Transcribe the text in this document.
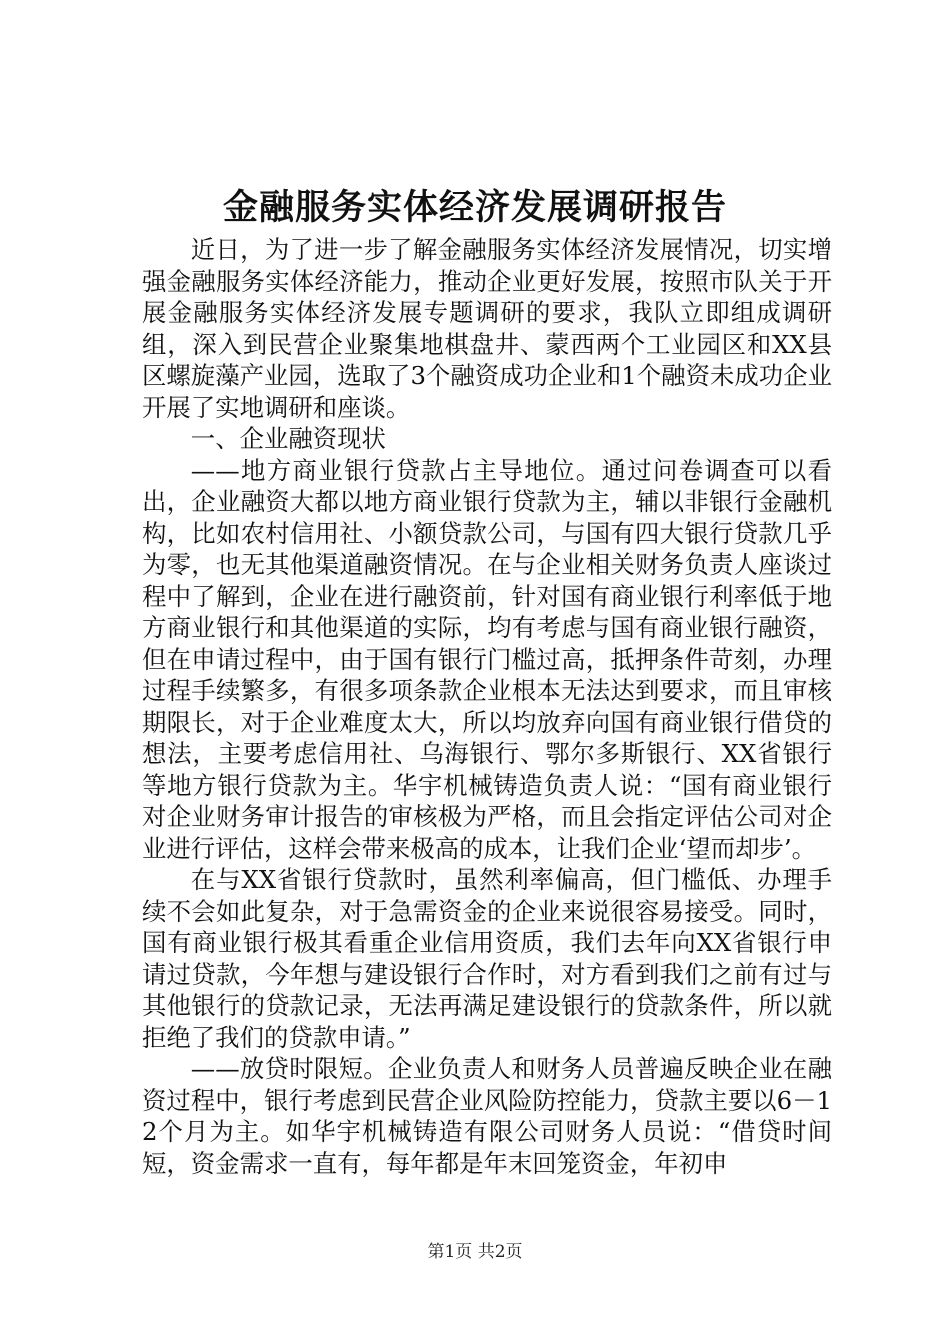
金融服务实体经济发展调研报告

近日，为了进一步了解金融服务实体经济发展情况，切实增强金融服务实体经济能力，推动企业更好发展，按照市队关于开展金融服务实体经济发展专题调研的要求，我队立即组成调研组，深入到民营企业聚集地棋盘井、蒙西两个工业园区和XX县区螺旋藻产业园，选取了3个融资成功企业和1个融资未成功企业开展了实地调研和座谈。

一、企业融资现状

——地方商业银行贷款占主导地位。通过问卷调查可以看出，企业融资大都以地方商业银行贷款为主，辅以非银行金融机构，比如农村信用社、小额贷款公司，与国有四大银行贷款几乎为零，也无其他渠道融资情况。在与企业相关财务负责人座谈过程中了解到，企业在进行融资前，针对国有商业银行利率低于地方商业银行和其他渠道的实际，均有考虑与国有商业银行融资，但在申请过程中，由于国有银行门槛过高，抵押条件苛刻，办理过程手续繁多，有很多项条款企业根本无法达到要求，而且审核期限长，对于企业难度太大，所以均放弃向国有商业银行借贷的想法，主要考虑信用社、乌海银行、鄂尔多斯银行、XX省银行等地方银行贷款为主。华宇机械铸造负责人说：“国有商业银行对企业财务审计报告的审核极为严格，而且会指定评估公司对企业进行评估，这样会带来极高的成本，让我们企业‘望而却步’。

在与XX省银行贷款时，虽然利率偏高，但门槛低、办理手续不会如此复杂，对于急需资金的企业来说很容易接受。同时，国有商业银行极其看重企业信用资质，我们去年向XX省银行申请过贷款，今年想与建设银行合作时，对方看到我们之前有过与其他银行的贷款记录，无法再满足建设银行的贷款条件，所以就拒绝了我们的贷款申请。”

——放贷时限短。企业负责人和财务人员普遍反映企业在融资过程中，银行考虑到民营企业风险防控能力，贷款主要以6－12个月为主。如华宇机械铸造有限公司财务人员说：“借贷时间短，资金需求一直有，每年都是年末回笼资金，年初申

第1页 共2页
